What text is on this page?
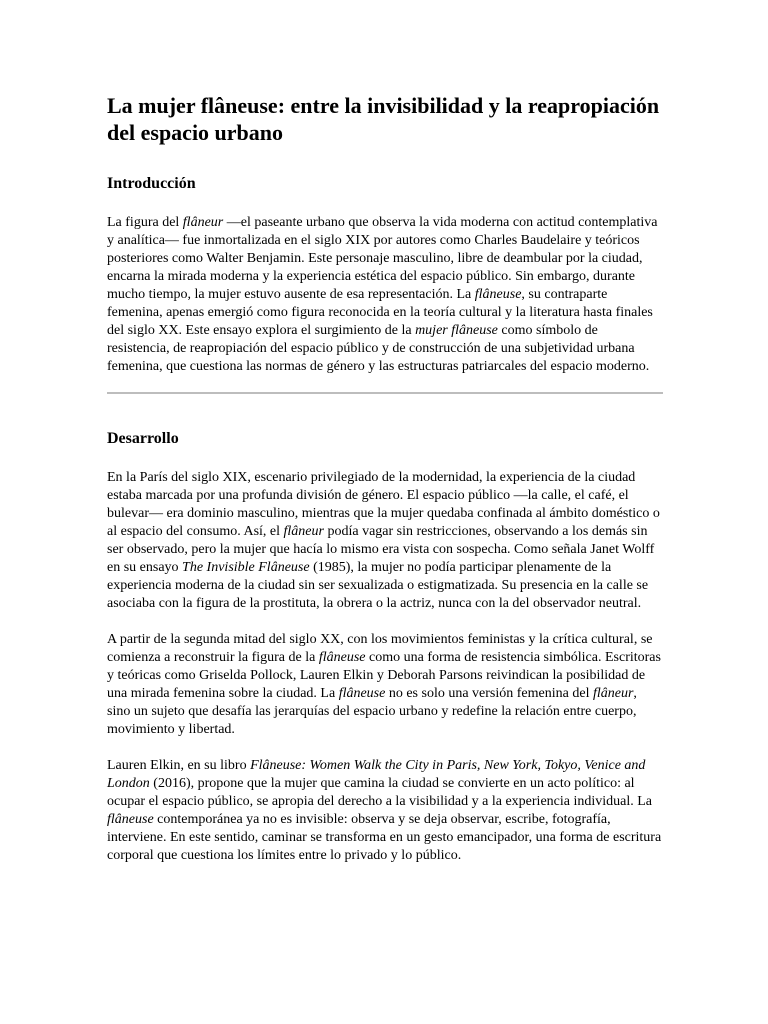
La mujer flâneuse: entre la invisibilidad y la reapropiación del espacio urbano
Introducción

La figura del flâneur —el paseante urbano que observa la vida moderna con actitud contemplativa y analítica— fue inmortalizada en el siglo XIX por autores como Charles Baudelaire y teóricos posteriores como Walter Benjamin. Este personaje masculino, libre de deambular por la ciudad, encarna la mirada moderna y la experiencia estética del espacio público. Sin embargo, durante mucho tiempo, la mujer estuvo ausente de esa representación. La flâneuse, su contraparte femenina, apenas emergió como figura reconocida en la teoría cultural y la literatura hasta finales del siglo XX. Este ensayo explora el surgimiento de la mujer flâneuse como símbolo de resistencia, de reapropiación del espacio público y de construcción de una subjetividad urbana femenina, que cuestiona las normas de género y las estructuras patriarcales del espacio moderno.

Desarrollo

En la París del siglo XIX, escenario privilegiado de la modernidad, la experiencia de la ciudad estaba marcada por una profunda división de género. El espacio público —la calle, el café, el bulevar— era dominio masculino, mientras que la mujer quedaba confinada al ámbito doméstico o al espacio del consumo. Así, el flâneur podía vagar sin restricciones, observando a los demás sin ser observado, pero la mujer que hacía lo mismo era vista con sospecha. Como señala Janet Wolff en su ensayo The Invisible Flâneuse (1985), la mujer no podía participar plenamente de la experiencia moderna de la ciudad sin ser sexualizada o estigmatizada. Su presencia en la calle se asociaba con la figura de la prostituta, la obrera o la actriz, nunca con la del observador neutral.

A partir de la segunda mitad del siglo XX, con los movimientos feministas y la crítica cultural, se comienza a reconstruir la figura de la flâneuse como una forma de resistencia simbólica. Escritoras y teóricas como Griselda Pollock, Lauren Elkin y Deborah Parsons reivindican la posibilidad de una mirada femenina sobre la ciudad. La flâneuse no es solo una versión femenina del flâneur, sino un sujeto que desafía las jerarquías del espacio urbano y redefine la relación entre cuerpo, movimiento y libertad.

Lauren Elkin, en su libro Flâneuse: Women Walk the City in Paris, New York, Tokyo, Venice and London (2016), propone que la mujer que camina la ciudad se convierte en un acto político: al ocupar el espacio público, se apropia del derecho a la visibilidad y a la experiencia individual. La flâneuse contemporánea ya no es invisible: observa y se deja observar, escribe, fotografía, interviene. En este sentido, caminar se transforma en un gesto emancipador, una forma de escritura corporal que cuestiona los límites entre lo privado y lo público.
